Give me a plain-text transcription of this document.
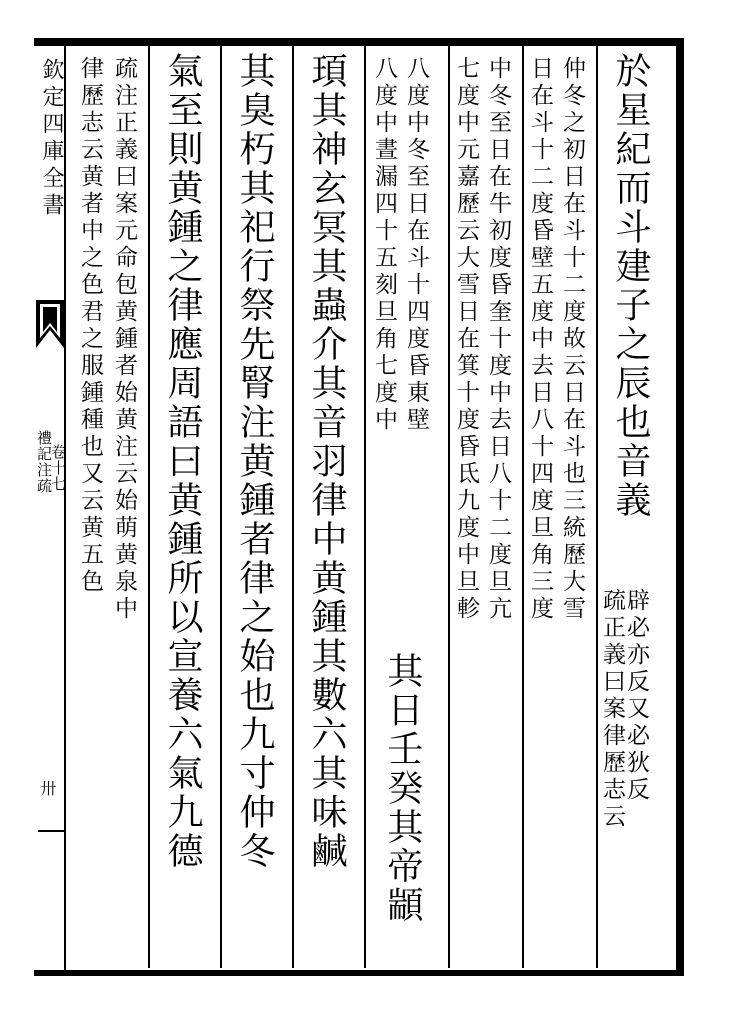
欽定四庫全書
禮記注疏
卷十七
卅
於星紀而斗建子之辰也音義
辟必亦反又必狄反
疏正義曰案律歷志云
仲冬之初日在斗十二度故云日在斗也三統歷大雪
日在斗十二度昏壁五度中去日八十四度旦角三度
中冬至日在牛初度昏奎十度中去日八十二度旦亢
七度中元嘉歷云大雪日在箕十度昏氐九度中旦軫
八度中冬至日在斗十四度昏東壁
八度中晝漏四十五刻旦角七度中
其日壬癸其帝顓
頊其神玄冥其蟲介其音羽律中黄鍾其數六其味鹹
其臭朽其祀行祭先腎注黄鍾者律之始也九寸仲冬
氣至則黄鍾之律應周語曰黄鍾所以宣養六氣九德
疏注正義曰案元命包黄鍾者始黄注云始萌黄泉中
律歷志云黄者中之色君之服鍾種也又云黄五色
